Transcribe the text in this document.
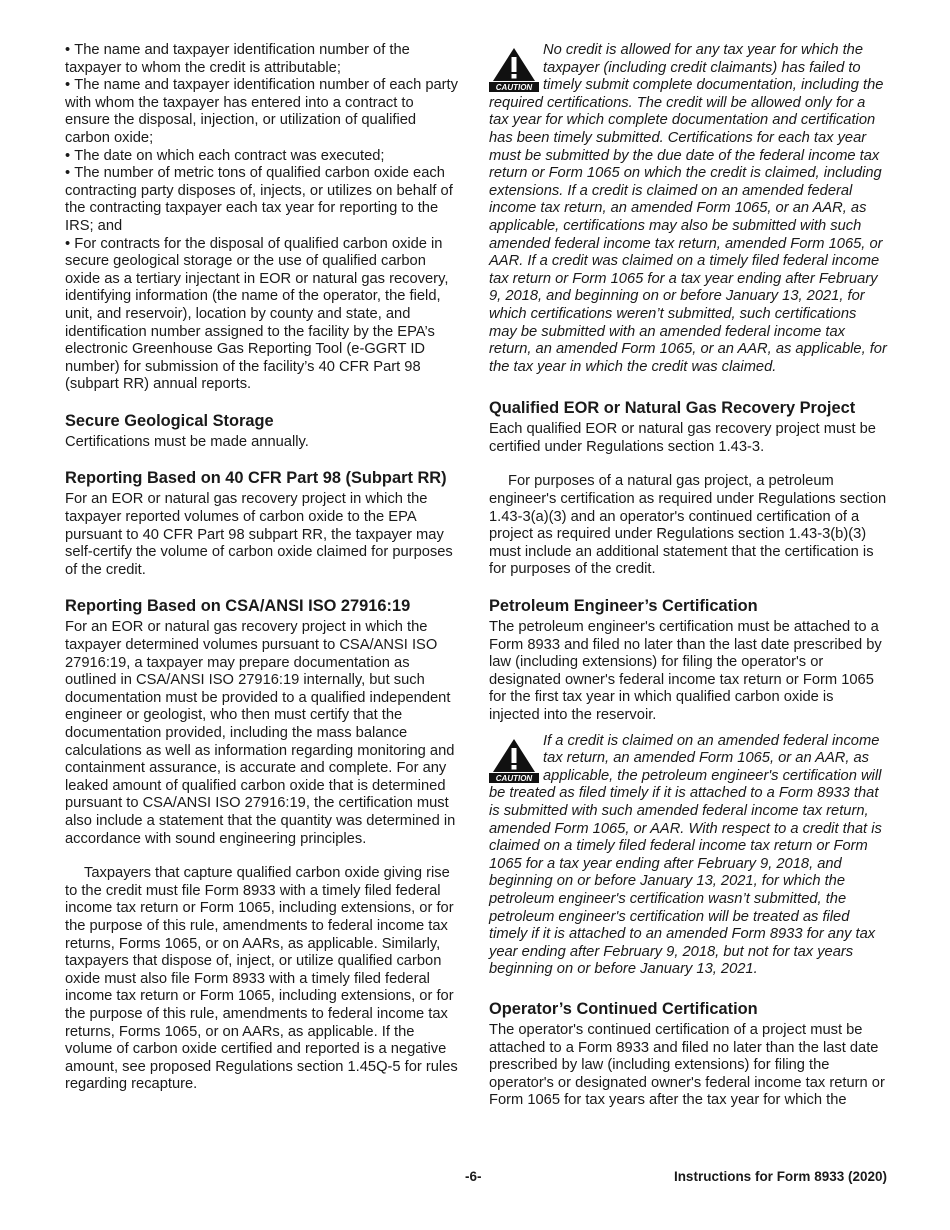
• The name and taxpayer identification number of the taxpayer to whom the credit is attributable;

• The name and taxpayer identification number of each party with whom the taxpayer has entered into a contract to ensure the disposal, injection, or utilization of qualified carbon oxide;

• The date on which each contract was executed;

• The number of metric tons of qualified carbon oxide each contracting party disposes of, injects, or utilizes on behalf of the contracting taxpayer each tax year for reporting to the IRS; and

• For contracts for the disposal of qualified carbon oxide in secure geological storage or the use of qualified carbon oxide as a tertiary injectant in EOR or natural gas recovery, identifying information (the name of the operator, the field, unit, and reservoir), location by county and state, and identification number assigned to the facility by the EPA’s electronic Greenhouse Gas Reporting Tool (e-GGRT ID number) for submission of the facility’s 40 CFR Part 98 (subpart RR) annual reports.

Secure Geological Storage

Certifications must be made annually.

Reporting Based on 40 CFR Part 98 (Subpart RR)

For an EOR or natural gas recovery project in which the taxpayer reported volumes of carbon oxide to the EPA pursuant to 40 CFR Part 98 subpart RR, the taxpayer may self-certify the volume of carbon oxide claimed for purposes of the credit.

Reporting Based on CSA/ANSI ISO 27916:19

For an EOR or natural gas recovery project in which the taxpayer determined volumes pursuant to CSA/ANSI ISO 27916:19, a taxpayer may prepare documentation as outlined in CSA/ANSI ISO 27916:19 internally, but such documentation must be provided to a qualified independent engineer or geologist, who then must certify that the documentation provided, including the mass balance calculations as well as information regarding monitoring and containment assurance, is accurate and complete. For any leaked amount of qualified carbon oxide that is determined pursuant to CSA/ANSI ISO 27916:19, the certification must also include a statement that the quantity was determined in accordance with sound engineering principles.

Taxpayers that capture qualified carbon oxide giving rise to the credit must file Form 8933 with a timely filed federal income tax return or Form 1065, including extensions, or for the purpose of this rule, amendments to federal income tax returns, Forms 1065, or on AARs, as applicable. Similarly, taxpayers that dispose of, inject, or utilize qualified carbon oxide must also file Form 8933 with a timely filed federal income tax return or Form 1065, including extensions, or for the purpose of this rule, amendments to federal income tax returns, Forms 1065, or on AARs, as applicable. If the volume of carbon oxide certified and reported is a negative amount, see proposed Regulations section 1.45Q-5 for rules regarding recapture.

CAUTION

No credit is allowed for any tax year for which the taxpayer (including credit claimants) has failed to timely submit complete documentation, including the required certifications. The credit will be allowed only for a tax year for which complete documentation and certification has been timely submitted. Certifications for each tax year must be submitted by the due date of the federal income tax return or Form 1065 on which the credit is claimed, including extensions. If a credit is claimed on an amended federal income tax return, an amended Form 1065, or an AAR, as applicable, certifications may also be submitted with such amended federal income tax return, amended Form 1065, or AAR. If a credit was claimed on a timely filed federal income tax return or Form 1065 for a tax year ending after February 9, 2018, and beginning on or before January 13, 2021, for which certifications weren’t submitted, such certifications may be submitted with an amended federal income tax return, an amended Form 1065, or an AAR, as applicable, for the tax year in which the credit was claimed.

Qualified EOR or Natural Gas Recovery Project

Each qualified EOR or natural gas recovery project must be certified under Regulations section 1.43-3.

For purposes of a natural gas project, a petroleum engineer's certification as required under Regulations section 1.43-3(a)(3) and an operator's continued certification of a project as required under Regulations section 1.43-3(b)(3) must include an additional statement that the certification is for purposes of the credit.

Petroleum Engineer’s Certification

The petroleum engineer's certification must be attached to a Form 8933 and filed no later than the last date prescribed by law (including extensions) for filing the operator's or designated owner's federal income tax return or Form 1065 for the first tax year in which qualified carbon oxide is injected into the reservoir.

CAUTION

If a credit is claimed on an amended federal income tax return, an amended Form 1065, or an AAR, as applicable, the petroleum engineer's certification will be treated as filed timely if it is attached to a Form 8933 that is submitted with such amended federal income tax return, amended Form 1065, or AAR. With respect to a credit that is claimed on a timely filed federal income tax return or Form 1065 for a tax year ending after February 9, 2018, and beginning on or before January 13, 2021, for which the petroleum engineer's certification wasn’t submitted, the petroleum engineer's certification will be treated as filed timely if it is attached to an amended Form 8933 for any tax year ending after February 9, 2018, but not for tax years beginning on or before January 13, 2021.

Operator’s Continued Certification

The operator's continued certification of a project must be attached to a Form 8933 and filed no later than the last date prescribed by law (including extensions) for filing the operator's or designated owner's federal income tax return or Form 1065 for tax years after the tax year for which the

-6-	Instructions for Form 8933 (2020)
